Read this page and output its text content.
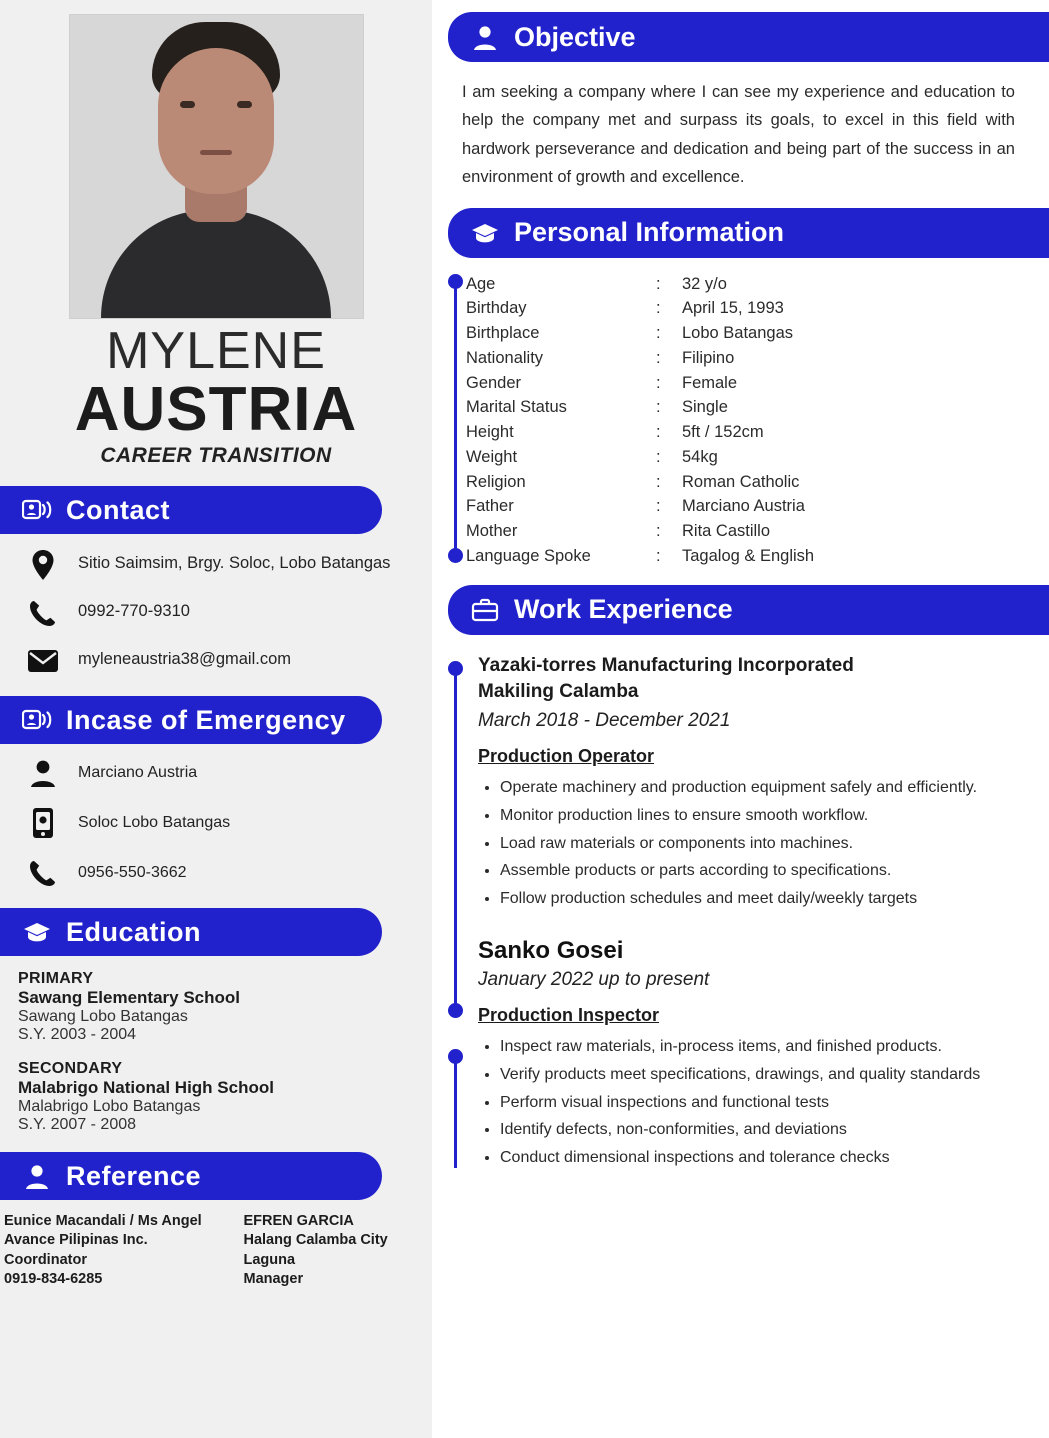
MYLENE
AUSTRIA
CAREER TRANSITION
Contact
Sitio Saimsim, Brgy. Soloc, Lobo Batangas
0992-770-9310
myleneaustria38@gmail.com
Incase of Emergency
Marciano Austria
Soloc Lobo Batangas
0956-550-3662
Education
PRIMARY
Sawang Elementary School
Sawang Lobo Batangas
S.Y. 2003 - 2004
SECONDARY
Malabrigo National High School
Malabrigo Lobo Batangas
S.Y. 2007 - 2008
Reference
Eunice Macandali / Ms Angel
Avance Pilipinas Inc.
Coordinator
0919-834-6285
EFREN GARCIA
Halang Calamba City Laguna
Manager
Objective
I am seeking a company where I can see my experience and education to help the company met and surpass its goals, to excel in this field with hardwork perseverance and dedication and being part of the success in an environment of growth and excellence.
Personal Information
Age	:	32 y/o
Birthday	:	April 15, 1993
Birthplace	:	Lobo Batangas
Nationality	:	Filipino
Gender	:	Female
Marital Status	:	Single
Height	:	5ft / 152cm
Weight	:	54kg
Religion	:	Roman Catholic
Father	:	Marciano Austria
Mother	:	Rita Castillo
Language Spoke	:	Tagalog & English
Work Experience
Yazaki-torres Manufacturing Incorporated
Makiling Calamba
March 2018 - December 2021
Production Operator
• Operate machinery and production equipment safely and efficiently.
• Monitor production lines to ensure smooth workflow.
• Load raw materials or components into machines.
• Assemble products or parts according to specifications.
• Follow production schedules and meet daily/weekly targets
Sanko Gosei
January 2022 up to present
Production Inspector
• Inspect raw materials, in-process items, and finished products.
• Verify products meet specifications, drawings, and quality standards
• Perform visual inspections and functional tests
• Identify defects, non-conformities, and deviations
• Conduct dimensional inspections and tolerance checks
